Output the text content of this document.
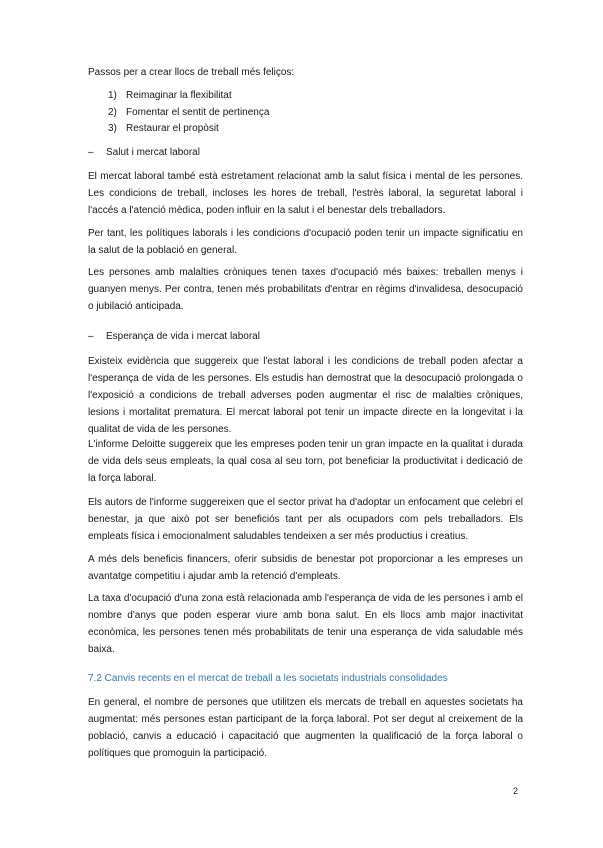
Passos per a crear llocs de treball més feliços:
1) Reimaginar la flexibilitat
2) Fomentar el sentit de pertinença
3) Restaurar el propòsit
–	Salut i mercat laboral
El mercat laboral també està estretament relacionat amb la salut física i mental de les persones. Les condicions de treball, incloses les hores de treball, l'estrès laboral, la seguretat laboral i l'accés a l'atenció mèdica, poden influir en la salut i el benestar dels treballadors.
Per tant, les polítiques laborals i les condicions d'ocupació poden tenir un impacte significatiu en la salut de la població en general.
Les persones amb malalties cròniques tenen taxes d'ocupació més baixes: treballen menys i guanyen menys. Per contra, tenen més probabilitats d'entrar en règims d'invalidesa, desocupació o jubilació anticipada.
–	Esperança de vida i mercat laboral
Existeix evidència que suggereix que l'estat laboral i les condicions de treball poden afectar a l'esperança de vida de les persones. Els estudis han demostrat que la desocupació prolongada o l'exposició a condicions de treball adverses poden augmentar el risc de malalties cròniques, lesions i mortalitat prematura. El mercat laboral pot tenir un impacte directe en la longevitat i la qualitat de vida de les persones.
L'informe Deloitte suggereix que les empreses poden tenir un gran impacte en la qualitat i durada de vida dels seus empleats, la qual cosa al seu torn, pot beneficiar la productivitat i dedicació de la força laboral.
Els autors de l'informe suggereixen que el sector privat ha d'adoptar un enfocament que celebri el benestar, ja que això pot ser beneficiós tant per als ocupadors com pels treballadors. Els empleats física i emocionalment saludables tendeixen a ser més productius i creatius.
A més dels beneficis financers, oferir subsidis de benestar pot proporcionar a les empreses un avantatge competitiu i ajudar amb la retenció d'empleats.
La taxa d'ocupació d'una zona està relacionada amb l'esperança de vida de les persones i amb el nombre d'anys que poden esperar viure amb bona salut. En els llocs amb major inactivitat econòmica, les persones tenen més probabilitats de tenir una esperança de vida saludable més baixa.
7.2 Canvis recents en el mercat de treball a les societats industrials consolidades
En general, el nombre de persones que utilitzen els mercats de treball en aquestes societats ha augmentat: més persones estan participant de la força laboral. Pot ser degut al creixement de la població, canvis a educació i capacitació que augmenten la qualificació de la força laboral o polítiques que promoguin la participació.
2
